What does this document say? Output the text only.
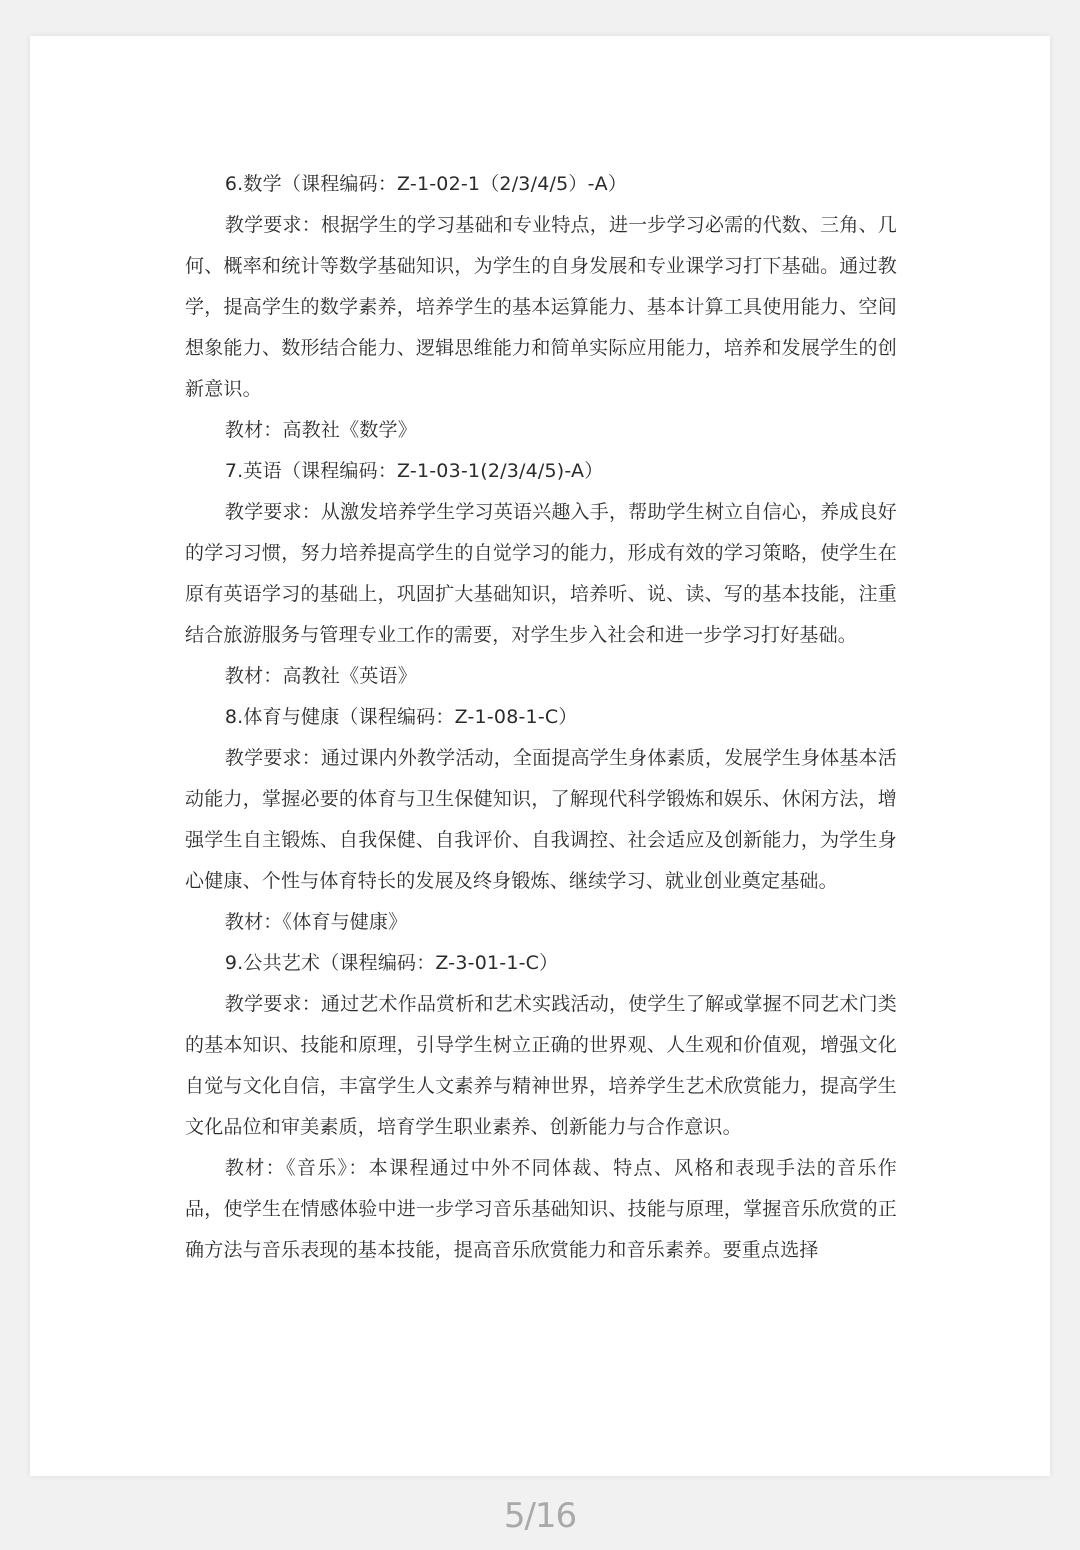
6.数学（课程编码：Z-1-02-1（2/3/4/5）-A）

教学要求：根据学生的学习基础和专业特点，进一步学习必需的代数、三角、几何、概率和统计等数学基础知识，为学生的自身发展和专业课学习打下基础。通过教学，提高学生的数学素养，培养学生的基本运算能力、基本计算工具使用能力、空间想象能力、数形结合能力、逻辑思维能力和简单实际应用能力，培养和发展学生的创新意识。

教材：高教社《数学》

7.英语（课程编码：Z-1-03-1(2/3/4/5)-A）

教学要求：从激发培养学生学习英语兴趣入手，帮助学生树立自信心，养成良好的学习习惯，努力培养提高学生的自觉学习的能力，形成有效的学习策略，使学生在原有英语学习的基础上，巩固扩大基础知识，培养听、说、读、写的基本技能，注重结合旅游服务与管理专业工作的需要，对学生步入社会和进一步学习打好基础。

教材：高教社《英语》

8.体育与健康（课程编码：Z-1-08-1-C）

教学要求：通过课内外教学活动，全面提高学生身体素质，发展学生身体基本活动能力，掌握必要的体育与卫生保健知识，了解现代科学锻炼和娱乐、休闲方法，增强学生自主锻炼、自我保健、自我评价、自我调控、社会适应及创新能力，为学生身心健康、个性与体育特长的发展及终身锻炼、继续学习、就业创业奠定基础。

教材：《体育与健康》

9.公共艺术（课程编码：Z-3-01-1-C）

教学要求：通过艺术作品赏析和艺术实践活动，使学生了解或掌握不同艺术门类的基本知识、技能和原理，引导学生树立正确的世界观、人生观和价值观，增强文化自觉与文化自信，丰富学生人文素养与精神世界，培养学生艺术欣赏能力，提高学生文化品位和审美素质，培育学生职业素养、创新能力与合作意识。

教材：《音乐》：本课程通过中外不同体裁、特点、风格和表现手法的音乐作品，使学生在情感体验中进一步学习音乐基础知识、技能与原理，掌握音乐欣赏的正确方法与音乐表现的基本技能，提高音乐欣赏能力和音乐素养。要重点选择

5/16
